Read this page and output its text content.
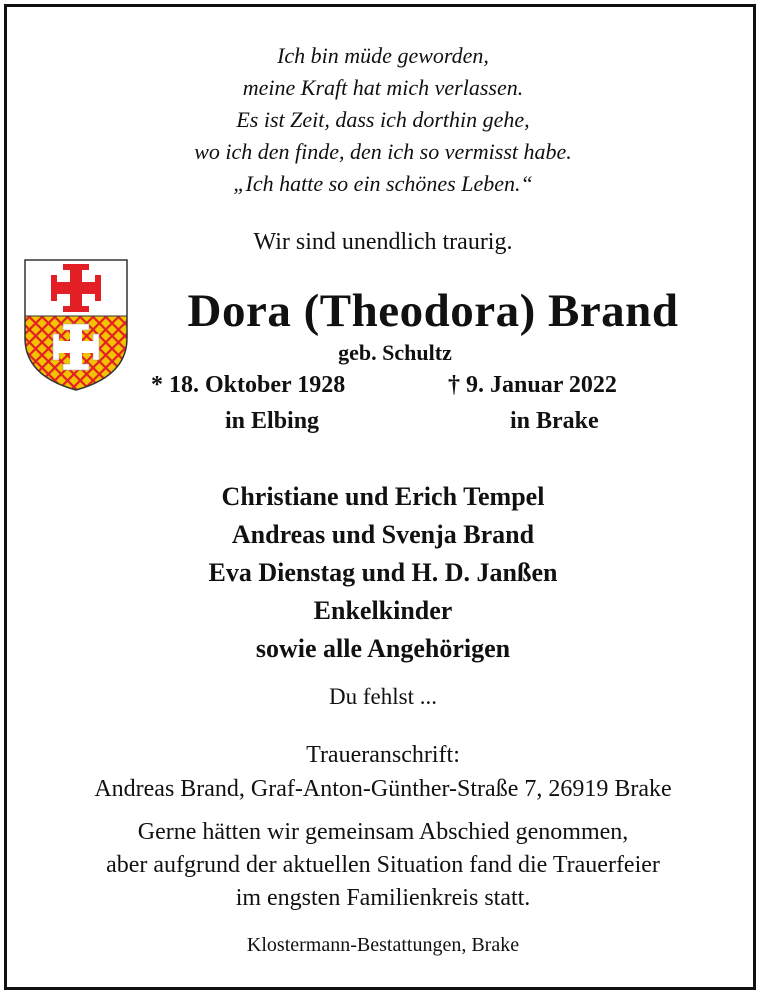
Ich bin müde geworden,
meine Kraft hat mich verlassen.
Es ist Zeit, dass ich dorthin gehe,
wo ich den finde, den ich so vermisst habe.
„Ich hatte so ein schönes Leben.“
Wir sind unendlich traurig.
Dora (Theodora) Brand
geb. Schultz
* 18. Oktober 1928	† 9. Januar 2022
in Elbing	in Brake
Christiane und Erich Tempel
Andreas und Svenja Brand
Eva Dienstag und H. D. Janßen
Enkelkinder
sowie alle Angehörigen
Du fehlst ...
Traueranschrift:
Andreas Brand, Graf-Anton-Günther-Straße 7, 26919 Brake
Gerne hätten wir gemeinsam Abschied genommen,
aber aufgrund der aktuellen Situation fand die Trauerfeier
im engsten Familienkreis statt.
Klostermann-Bestattungen, Brake
